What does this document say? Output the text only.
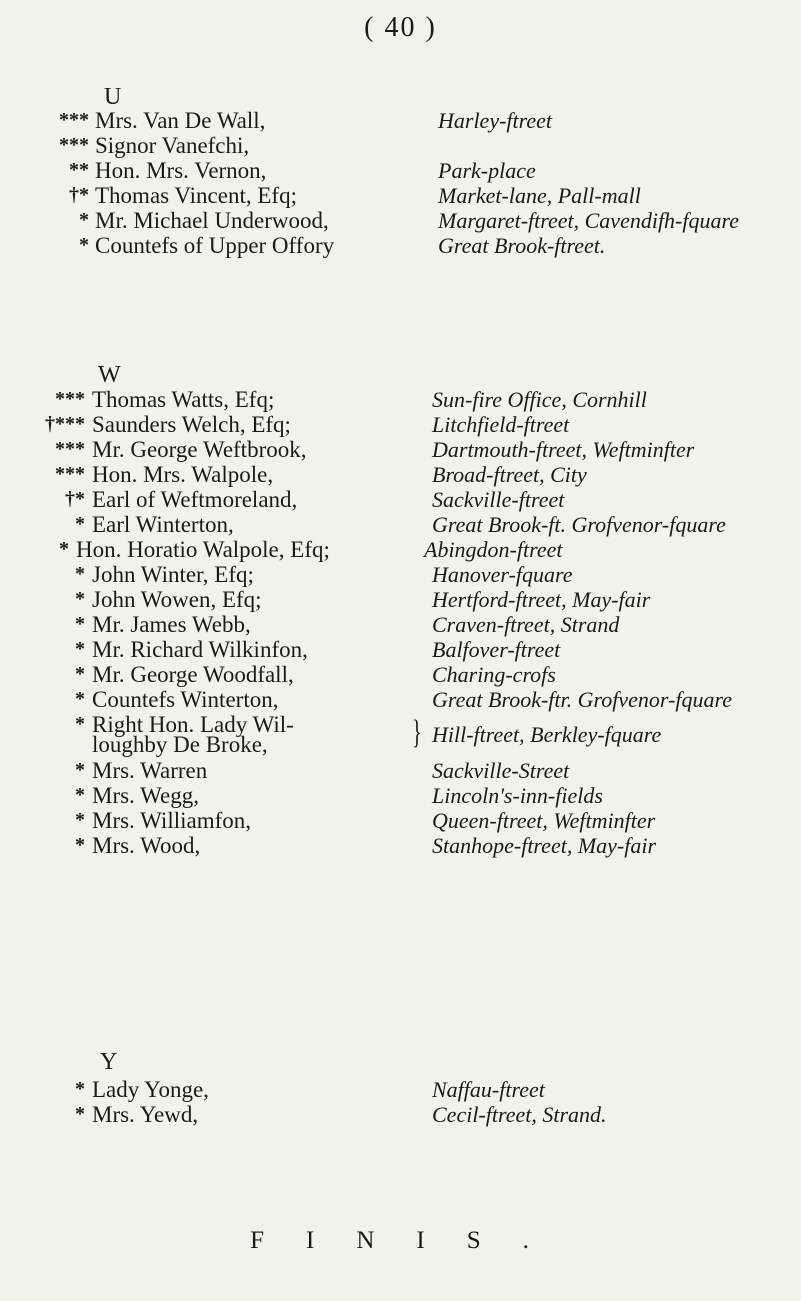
( 40 )
U
*** Mrs. Van De Wall,	Harley-ftreet
*** Signor Vanefchi,
** Hon. Mrs. Vernon,	Park-place
†* Thomas Vincent, Efq;	Market-lane, Pall-mall
* Mr. Michael Underwood,	Margaret-ftreet, Cavendifh-fquare
* Countefs of Upper Offory	Great Brook-ftreet.
W
*** Thomas Watts, Efq;	Sun-fire Office, Cornhill
†*** Saunders Welch, Efq;	Litchfield-ftreet
*** Mr. George Weftbrook,	Dartmouth-ftreet, Weftminfter
*** Hon. Mrs. Walpole,	Broad-ftreet, City
†* Earl of Weftmoreland,	Sackville-ftreet
* Earl Winterton,	Great Brook-ft. Grofvenor-fquare
* Hon. Horatio Walpole, Efq;	Abingdon-ftreet
* John Winter, Efq;	Hanover-fquare
* John Wowen, Efq;	Hertford-ftreet, May-fair
* Mr. James Webb,	Craven-ftreet, Strand
* Mr. Richard Wilkinfon,	Balfover-ftreet
* Mr. George Woodfall,	Charing-crofs
* Countefs Winterton,	Great Brook-ftr. Grofvenor-fquare
* Right Hon. Lady Wil-
loughby De Broke,	} Hill-ftreet, Berkley-fquare
* Mrs. Warren	Sackville-Street
* Mrs. Wegg,	Lincoln's-inn-fields
* Mrs. Williamfon,	Queen-ftreet, Weftminfter
* Mrs. Wood,	Stanhope-ftreet, May-fair
Y
* Lady Yonge,	Naffau-ftreet
* Mrs. Yewd,	Cecil-ftreet, Strand.
FINIS.
